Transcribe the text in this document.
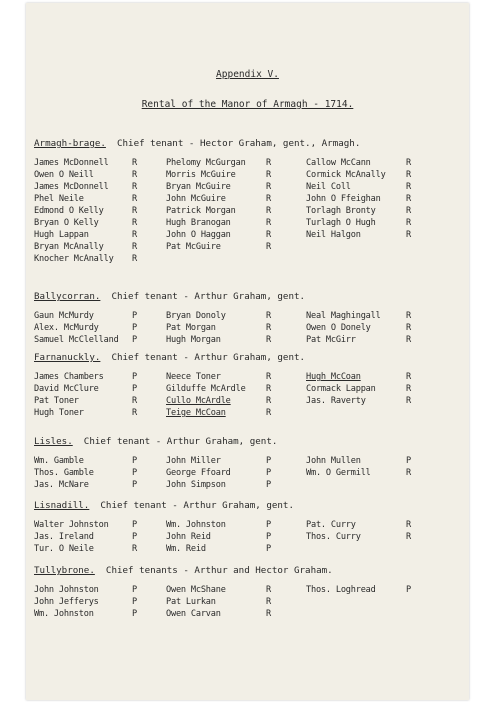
Appendix V.
Rental of the Manor of Armagh - 1714.
Armagh-brage.  Chief tenant - Hector Graham, gent., Armagh.
James McDonnell	R	Phelomy McGurgan	R	Callow McCann	R
Owen O Neill	R	Morris McGuire	R	Cormick McAnally	R
James McDonnell	R	Bryan McGuire	R	Neil Coll	R
Phel Neile	R	John McGuire	R	John O Ffeighan	R
Edmond O Kelly	R	Patrick Morgan	R	Torlagh Bronty	R
Bryan O Kelly	R	Hugh Branogan	R	Turlagh O Hugh	R
Hugh Lappan	R	John O Haggan	R	Neil Halgon	R
Bryan McAnally	R	Pat McGuire	R
Knocher McAnally	R
Ballycorran.  Chief tenant - Arthur Graham, gent.
Gaun McMurdy	P	Bryan Donoly	R	Neal Maghingall	R
Alex. McMurdy	P	Pat Morgan	R	Owen O Donely	R
Samuel McClelland	P	Hugh Morgan	R	Pat McGirr	R
Farnanuckly.  Chief tenant - Arthur Graham, gent.
James Chambers	P	Neece Toner	R	Hugh McCoan	R
David McClure	P	Gilduffe McArdle	R	Cormack Lappan	R
Pat Toner	R	Cullo McArdle	R	Jas. Raverty	R
Hugh Toner	R	Teige McCoan	R
Lisles.  Chief tenant - Arthur Graham, gent.
Wm. Gamble	P	John Miller	P	John Mullen	P
Thos. Gamble	P	George Ffoard	P	Wm. O Germill	R
Jas. McNare	P	John Simpson	P
Lisnadill.  Chief tenant - Arthur Graham, gent.
Walter Johnston	P	Wm. Johnston	P	Pat. Curry	R
Jas. Ireland	P	John Reid	P	Thos. Curry	R
Tur. O Neile	R	Wm. Reid	P
Tullybrone.  Chief tenants - Arthur and Hector Graham.
John Johnston	P	Owen McShane	R	Thos. Loghread	P
John Jefferys	P	Pat Lurkan	R
Wm. Johnston	P	Owen Carvan	R
